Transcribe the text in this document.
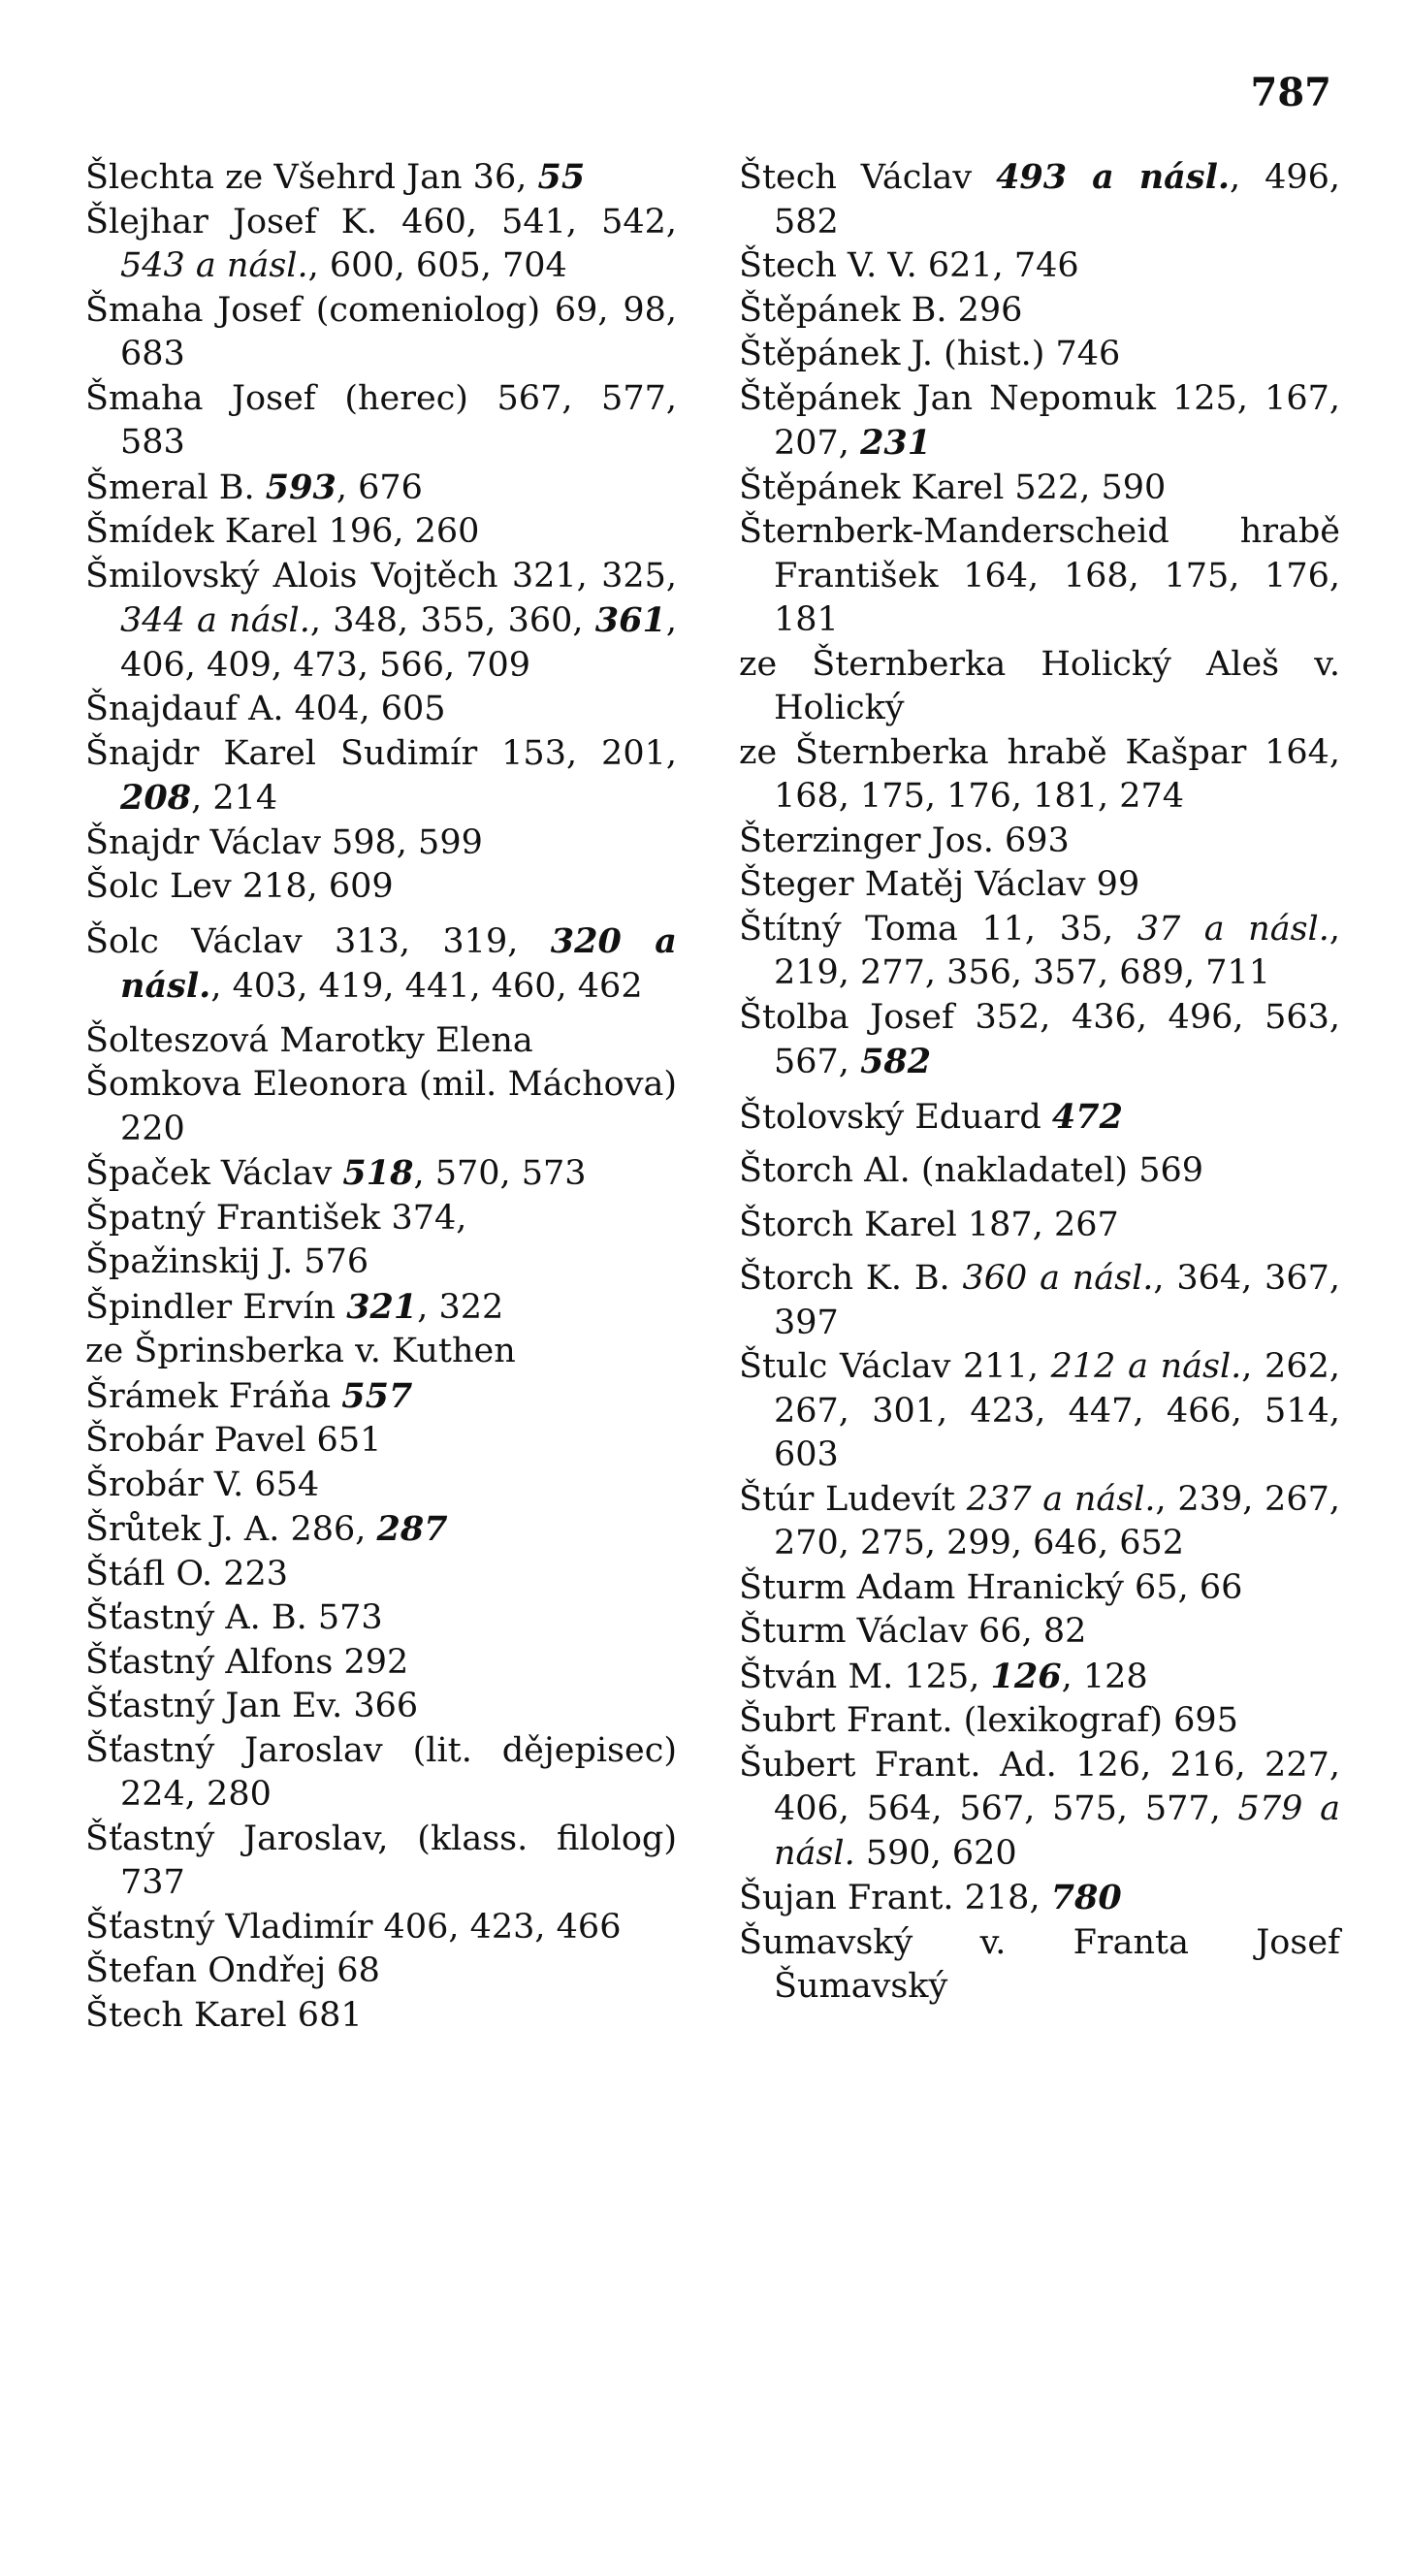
787
Šlechta ze Všehrd Jan 36, 55
Šlejhar Josef K. 460, 541, 542, 543 a násl., 600, 605, 704
Šmaha Josef (comeniolog) 69, 98, 683
Šmaha Josef (herec) 567, 577, 583
Šmeral B. 593, 676
Šmídek Karel 196, 260
Šmilovský Alois Vojtěch 321, 325, 344 a násl., 348, 355, 360, 361, 406, 409, 473, 566, 709
Šnajdauf A. 404, 605
Šnajdr Karel Sudimír 153, 201, 208, 214
Šnajdr Václav 598, 599
Šolc Lev 218, 609
Šolc Václav 313, 319, 320 a násl., 403, 419, 441, 460, 462
Šolteszová Marotky Elena
Šomkova Eleonora (mil. Máchova) 220
Špaček Václav 518, 570, 573
Špatný František 374,
Špažinskij J. 576
Špindler Ervín 321, 322
ze Šprinsberka v. Kuthen
Šrámek Fráňa 557
Šrobár Pavel 651
Šrobár V. 654
Šrůtek J. A. 286, 287
Štáfl O. 223
Šťastný A. B. 573
Šťastný Alfons 292
Šťastný Jan Ev. 366
Šťastný Jaroslav (lit. dějepisec) 224, 280
Šťastný Jaroslav, (klass. filolog) 737
Šťastný Vladimír 406, 423, 466
Štefan Ondřej 68
Štech Karel 681
Štech Václav 493 a násl., 496, 582
Štech V. V. 621, 746
Štěpánek B. 296
Štěpánek J. (hist.) 746
Štěpánek Jan Nepomuk 125, 167, 207, 231
Štěpánek Karel 522, 590
Šternberk-Manderscheid hrabě František 164, 168, 175, 176, 181
ze Šternberka Holický Aleš v. Holický
ze Šternberka hrabě Kašpar 164, 168, 175, 176, 181, 274
Šterzinger Jos. 693
Šteger Matěj Václav 99
Štítný Toma 11, 35, 37 a násl., 219, 277, 356, 357, 689, 711
Štolba Josef 352, 436, 496, 563, 567, 582
Štolovský Eduard 472
Štorch Al. (nakladatel) 569
Štorch Karel 187, 267
Štorch K. B. 360 a násl., 364, 367, 397
Štulc Václav 211, 212 a násl., 262, 267, 301, 423, 447, 466, 514, 603
Štúr Ludevít 237 a násl., 239, 267, 270, 275, 299, 646, 652
Šturm Adam Hranický 65, 66
Šturm Václav 66, 82
Štván M. 125, 126, 128
Šubrt Frant. (lexikograf) 695
Šubert Frant. Ad. 126, 216, 227, 406, 564, 567, 575, 577, 579 a násl. 590, 620
Šujan Frant. 218, 780
Šumavský v. Franta Josef Šumavský
